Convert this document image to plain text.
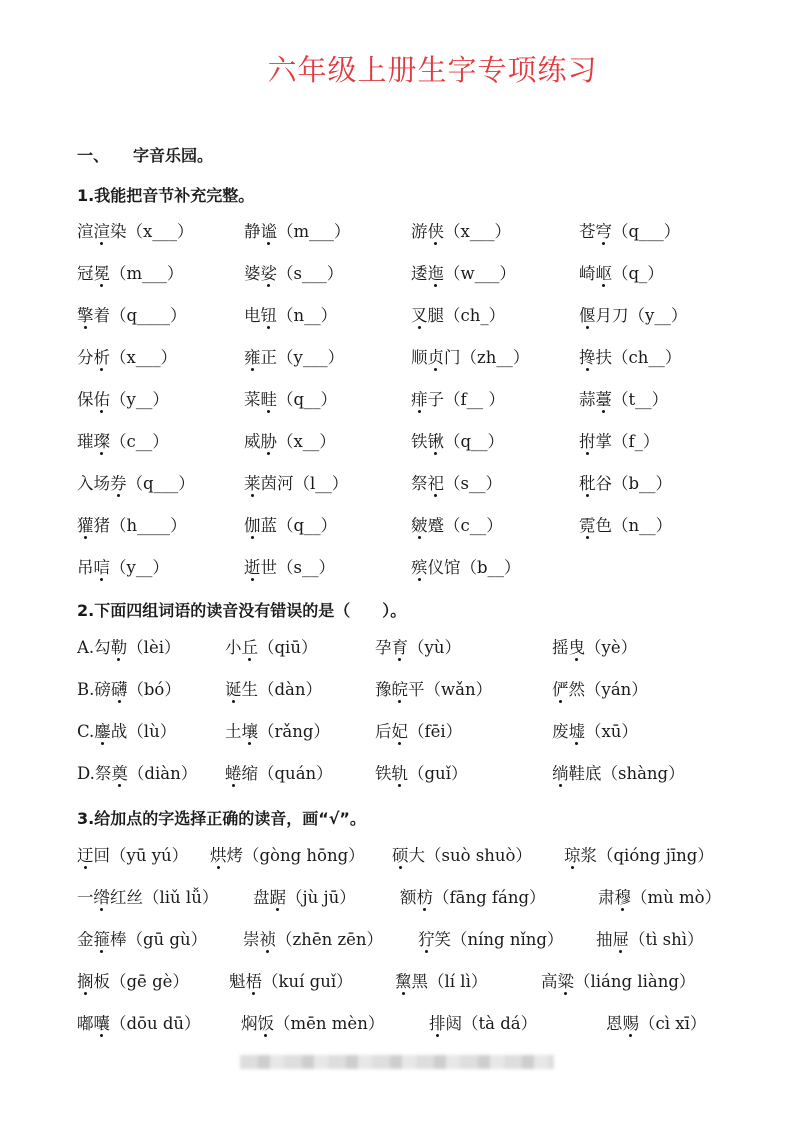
六年级上册生字专项练习
一、 字音乐园。
1.我能把音节补充完整。
渲渲染（x___）	静谧（m___）	游侠（x___）	苍穹（q___）
冠冕（m___）	婆娑（s___）	逶迤（w___）	崎岖（q_）
擎着（q____）	电钮（n__）	叉腿（ch_）	偃月刀（y__）
分析（x___）	雍正（y___）	顺贞门（zh__）	搀扶（ch__）
保佑（y__）	菜畦（q__）	痱子（f__ ）	蒜薹（t__）
璀璨（c__）	威胁（x__）	铁锹（q__）	拊掌（f_）
入场券（q___）	莱茵河（l__）	祭祀（s__）	秕谷（b__）
獾猪（h____）	伽蓝（q__）	皴蹙（c__）	霓色（n__）
吊唁（y__）	逝世（s__）	殡仪馆（b__）
2.下面四组词语的读音没有错误的是（　　）。
A.勾勒（lèi）	小丘（qiū）	孕育（yù）	摇曳（yè）
B.磅礴（bó）	诞生（dàn）	豫皖平（wǎn）	俨然（yán）
C.鏖战（lù）	土壤（rǎng）	后妃（fēi）	废墟（xū）
D.祭奠（diàn） 蜷缩（quán）	铁轨（guǐ）	绱鞋底（shàng）
3.给加点的字选择正确的读音，画“√”。
迂回（yū yú） 烘烤（gòng hōng） 硕大（suò shuò） 琼浆（qióng jīng）
一绺红丝（liǔ lǚ） 盘踞（jù jū）	额枋（fāng fáng）	肃穆（mù mò）
金箍棒（gū gù） 崇祯（zhēn zēn） 狞笑（níng nǐng） 抽屉（tì shì）
搁板（gē gè） 魁梧（kuí guǐ）	黧黑（lí lì）	高粱（liáng liàng）
嘟囔（dōu dū） 焖饭（mēn mèn）	排闼（tà dá）	恩赐（cì xī）
